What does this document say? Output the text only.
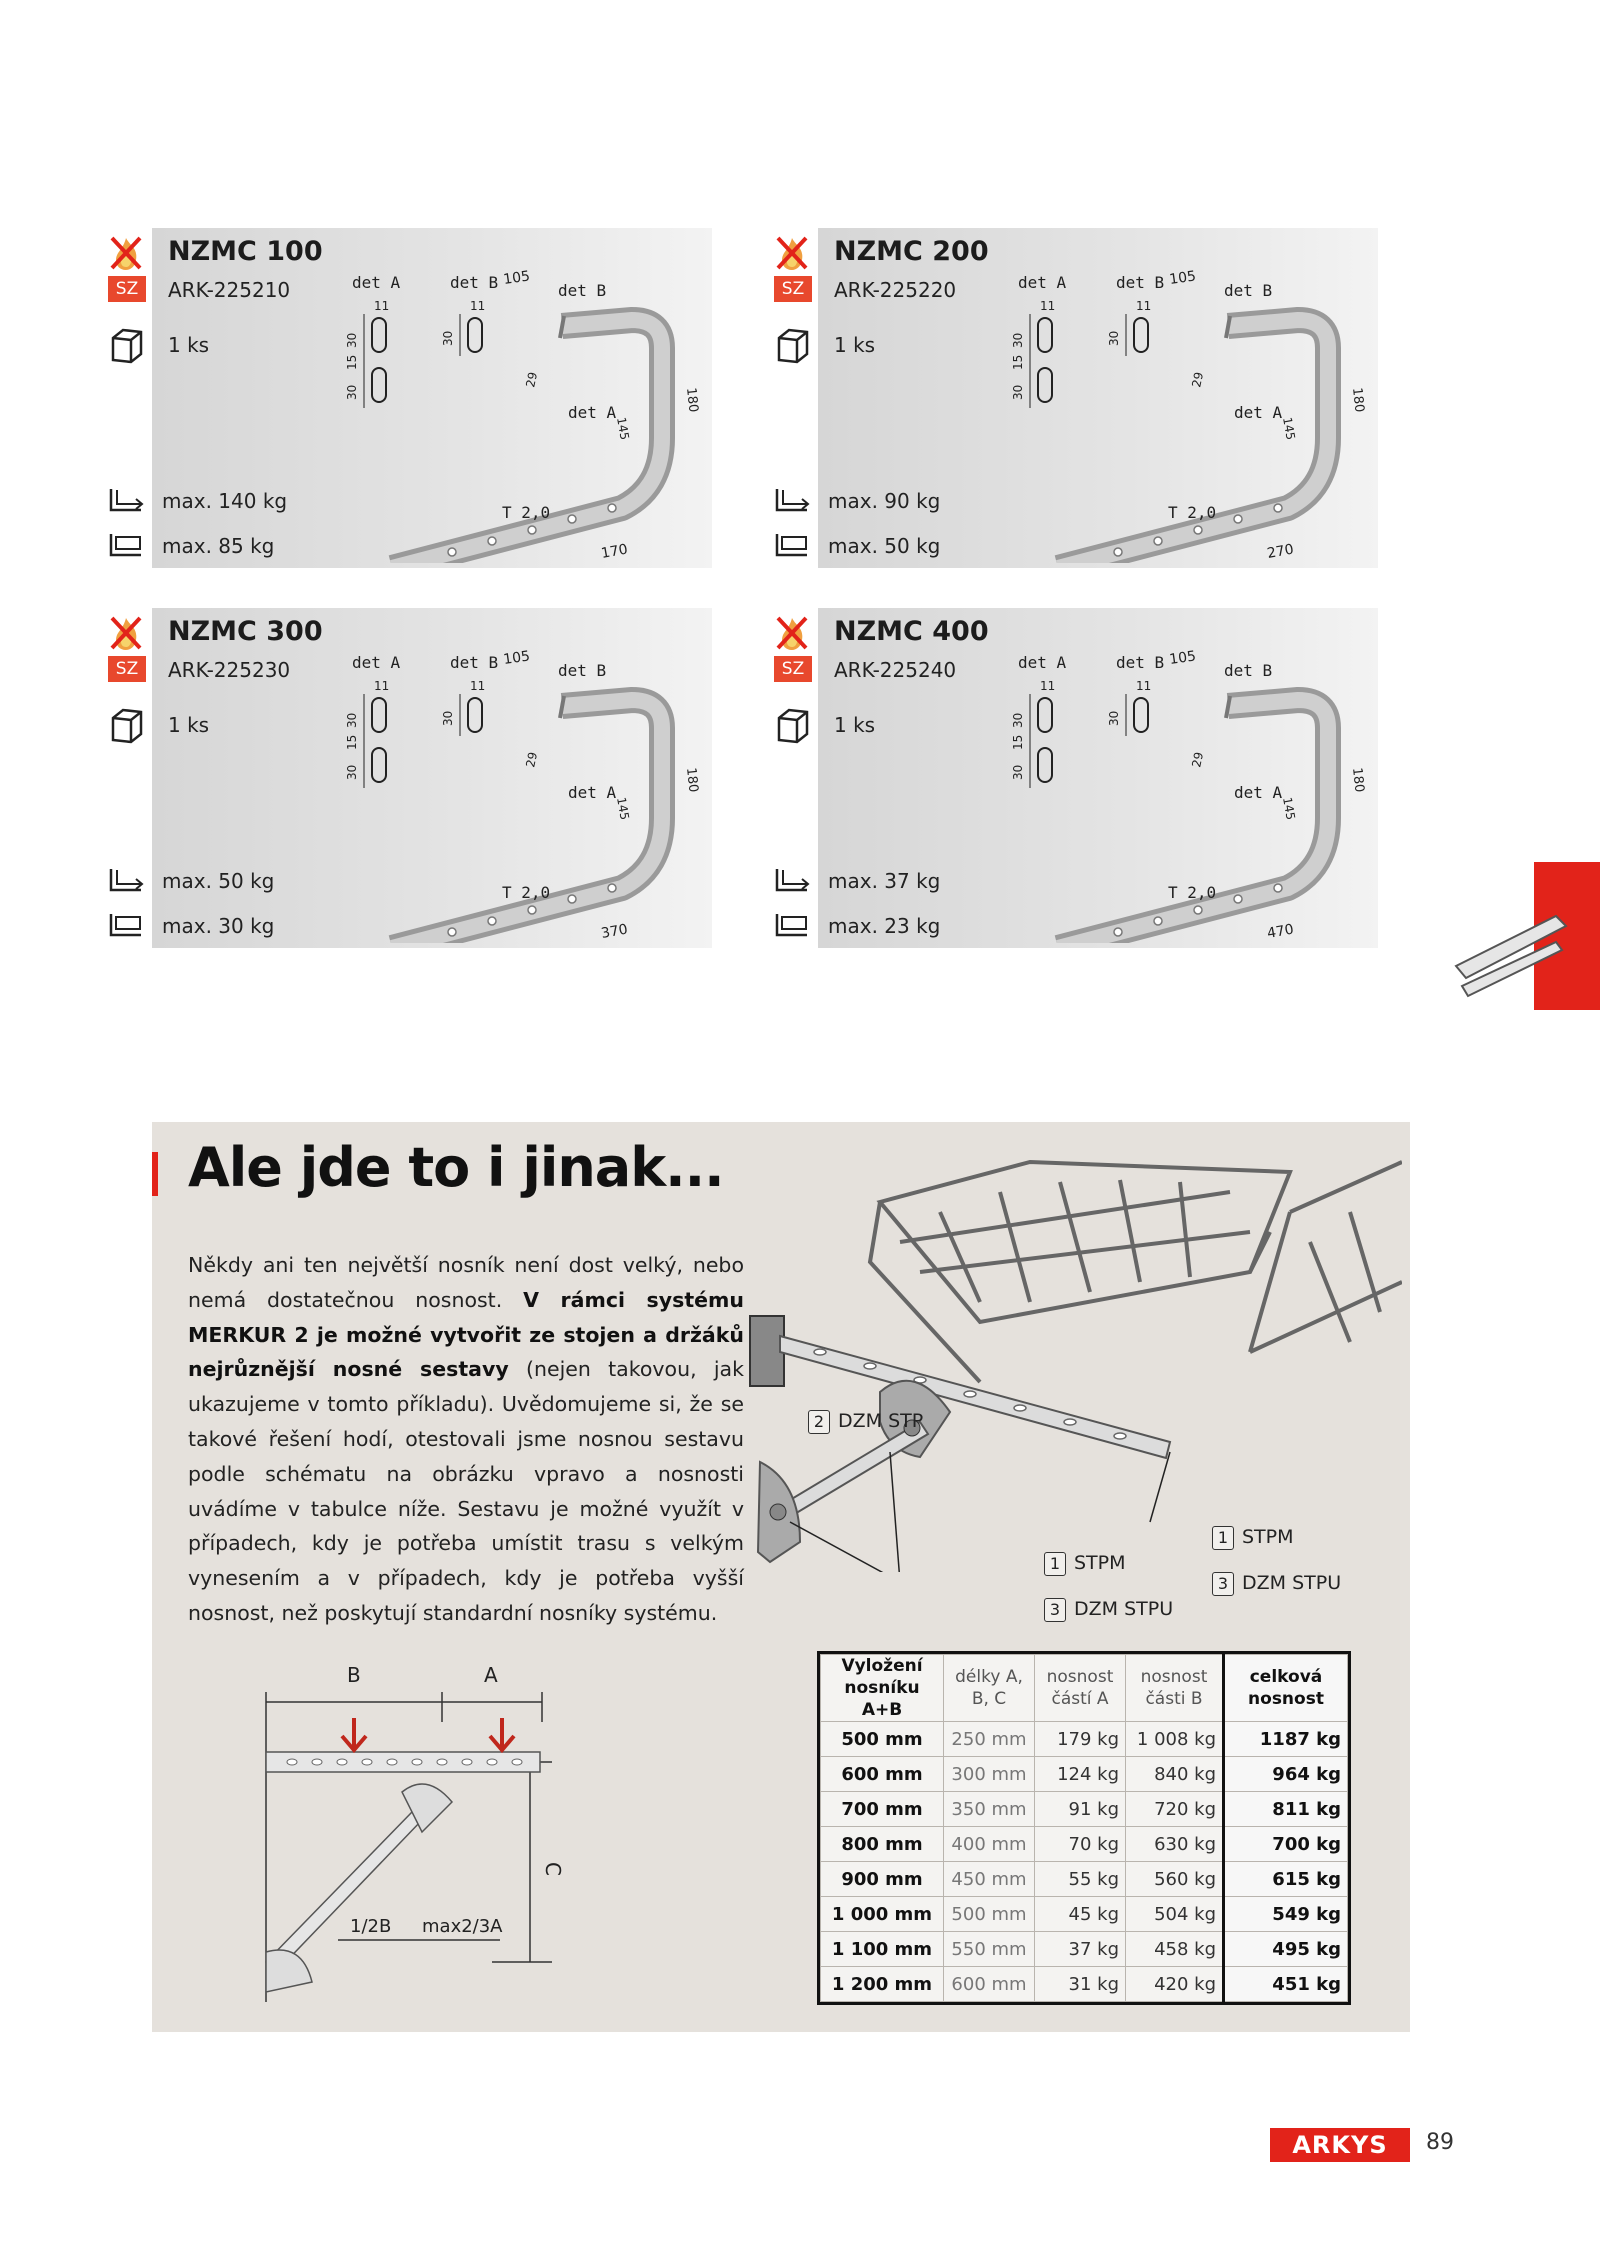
SZ
NZMC 100
ARK-225210
1 ks
max. 140 kg
max. 85 kg
det A	det B
11	11
30
15
30
30
T 2,0
105
det B
det A	180
29
145
170
SZ
NZMC 200
ARK-225220
1 ks
max. 90 kg
max. 50 kg
det A	det B
11	11
30
15
30
30
T 2,0
105
det B
det A	180
29
145
270
SZ
NZMC 300
ARK-225230
1 ks
max. 50 kg
max. 30 kg
det A	det B
11	11
30
15
30
30
T 2,0
105
det B
det A	180
29
145
370
SZ
NZMC 400
ARK-225240
1 ks
max. 37 kg
max. 23 kg
det A	det B
11	11
30
15
30
30
T 2,0
105
det B
det A	180
29
145
470
Ale jde to i jinak...
Někdy ani ten největší nosník není dost velký, nebo nemá dostatečnou nosnost. V rámci systému MERKUR 2 je možné vytvořit ze stojen a držáků nejrůznější nosné sestavy (nejen takovou, jak ukazujeme v tomto příkladu). Uvědomujeme si, že se takové řešení hodí, otestovali jsme nosnou sestavu podle schématu na obrázku vpravo a nosnosti uvádíme v tabulce níže. Sestavu je možné využít v případech, kdy je potřeba umístit trasu s velkým vynesením a v případech, kdy je potřeba vyšší nosnost, než poskytují standardní nosníky systému.
2 DZM STP
1 STPM
3 DZM STPU
1 STPM
3 DZM STPU
B	A
C
1/2B max2/3A
Vyložení nosníku A+B	délky A, B, C	nosnost částí A	nosnost části B	celková nosnost
500 mm	250 mm	179 kg	1 008 kg	1187 kg
600 mm	300 mm	124 kg	840 kg	964 kg
700 mm	350 mm	91 kg	720 kg	811 kg
800 mm	400 mm	70 kg	630 kg	700 kg
900 mm	450 mm	55 kg	560 kg	615 kg
1 000 mm	500 mm	45 kg	504 kg	549 kg
1 100 mm	550 mm	37 kg	458 kg	495 kg
1 200 mm	600 mm	31 kg	420 kg	451 kg
ARKYS	89
